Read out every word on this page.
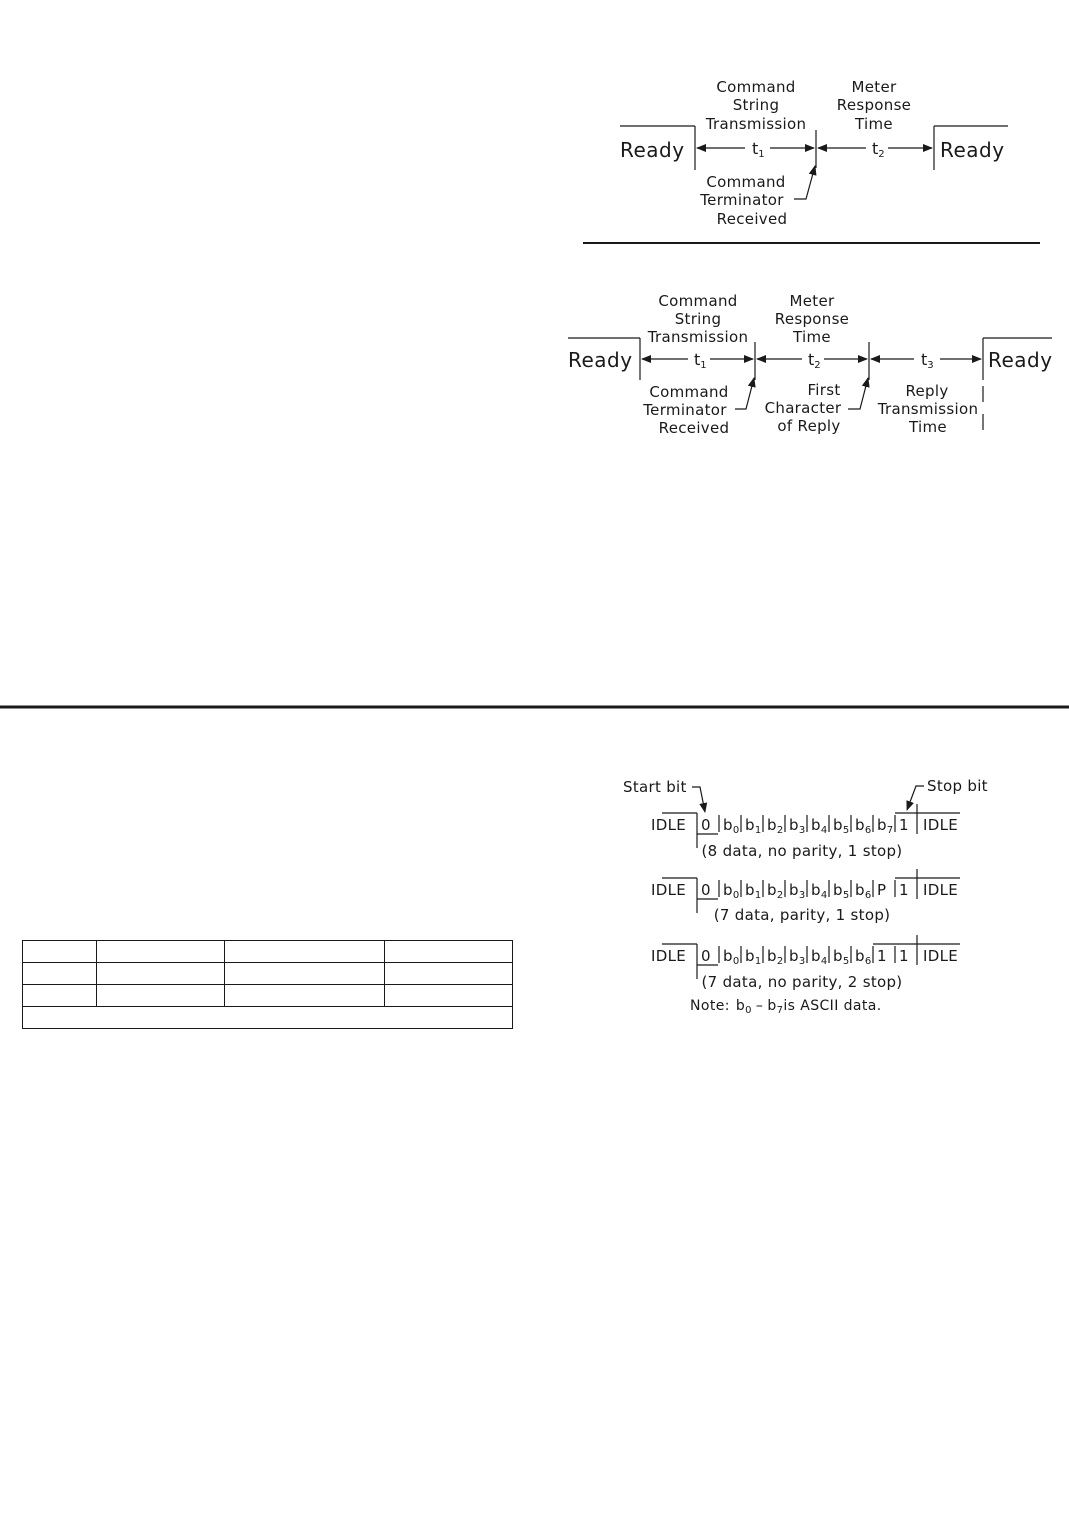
Command
String
Transmission
Meter
Response
Time
Ready	Ready
t1	t2
Command
Terminator
Received
Command
String
Transmission
Meter
Response
Time
Ready	Ready
t1	t2	t3
Command
Terminator
Received
First
Character
of Reply
Reply
Transmission
Time
Start bit	Stop bit
IDLE 0 $b_0$ $b_1$ $b_2$ $b_3$ $b_4$ $b_5$ $b_6$ $b_7$ 1 IDLE
(8 data, no parity, 1 stop)
IDLE 0 $b_0$ $b_1$ $b_2$ $b_3$ $b_4$ $b_5$ $b_6$ P 1 IDLE
(7 data, parity, 1 stop)
IDLE 0 $b_0$ $b_1$ $b_2$ $b_3$ $b_4$ $b_5$ $b_6$ 1 1 IDLE
(7 data, no parity, 2 stop)
Note: $b_0 - b_7is$ ASCII data.
